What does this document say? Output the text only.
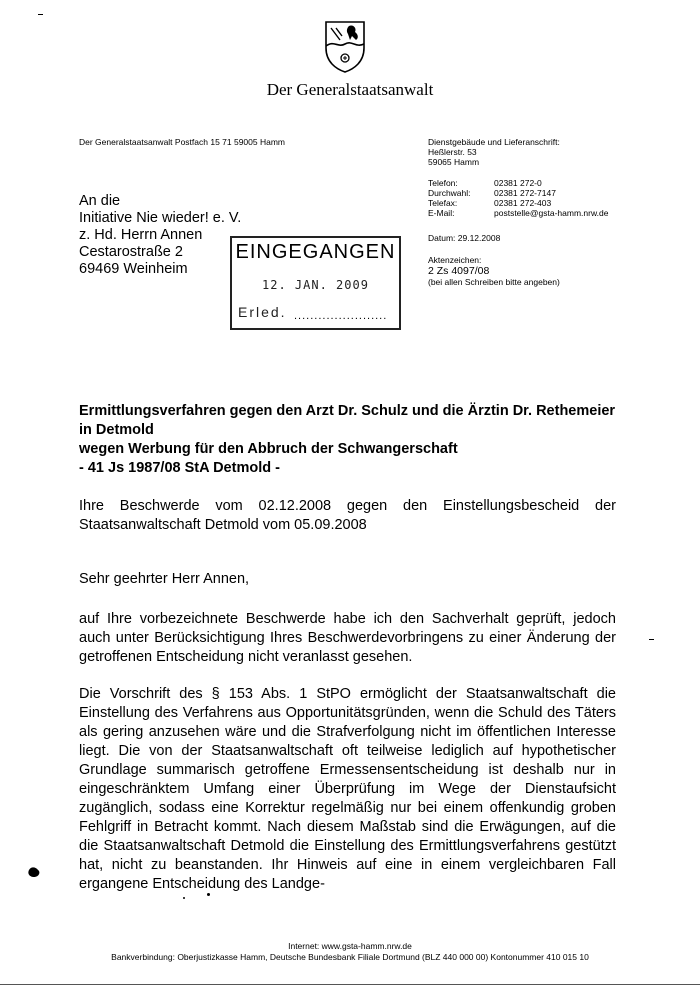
Der Generalstaatsanwalt
Der Generalstaatsanwalt Postfach 15 71 59005 Hamm
An die
Initiative Nie wieder! e. V.
z. Hd. Herrn Annen
Cestarostraße 2
69469 Weinheim
Dienstgebäude und Lieferanschrift:
Heßlerstr. 53
59065 Hamm
Telefon:	02381 272-0
Durchwahl:	02381 272-7147
Telefax:	02381 272-403
E-Mail:	poststelle@gsta-hamm.nrw.de
Datum: 29.12.2008
Aktenzeichen:
2 Zs 4097/08
(bei allen Schreiben bitte angeben)
EINGEGANGEN
12. JAN. 2009
Erled. .......................
Ermittlungsverfahren gegen den Arzt Dr. Schulz und die Ärztin Dr. Rethemeier
in Detmold
wegen Werbung für den Abbruch der Schwangerschaft
- 41 Js 1987/08 StA Detmold -
Ihre Beschwerde vom 02.12.2008 gegen den Einstellungsbescheid der Staatsanwaltschaft Detmold vom 05.09.2008
Sehr geehrter Herr Annen,
auf Ihre vorbezeichnete Beschwerde habe ich den Sachverhalt geprüft, jedoch auch unter Berücksichtigung Ihres Beschwerdevorbringens zu einer Änderung der getroffenen Entscheidung nicht veranlasst gesehen.
Die Vorschrift des § 153 Abs. 1 StPO ermöglicht der Staatsanwaltschaft die Einstellung des Verfahrens aus Opportunitätsgründen, wenn die Schuld des Täters als gering anzusehen wäre und die Strafverfolgung nicht im öffentlichen Interesse liegt. Die von der Staatsanwaltschaft oft teilweise lediglich auf hypothetischer Grundlage summarisch getroffene Ermessensentscheidung ist deshalb nur in eingeschränktem Umfang einer Überprüfung im Wege der Dienstaufsicht zugänglich, sodass eine Korrektur regelmäßig nur bei einem offenkundig groben Fehlgriff in Betracht kommt. Nach diesem Maßstab sind die Erwägungen, auf die die Staatsanwaltschaft Detmold die Einstellung des Ermittlungsverfahrens gestützt hat, nicht zu beanstanden. Ihr Hinweis auf eine in einem vergleichbaren Fall ergangene Entscheidung des Landge-
Internet: www.gsta-hamm.nrw.de
Bankverbindung: Oberjustizkasse Hamm, Deutsche Bundesbank Filiale Dortmund (BLZ 440 000 00) Kontonummer 410 015 10
